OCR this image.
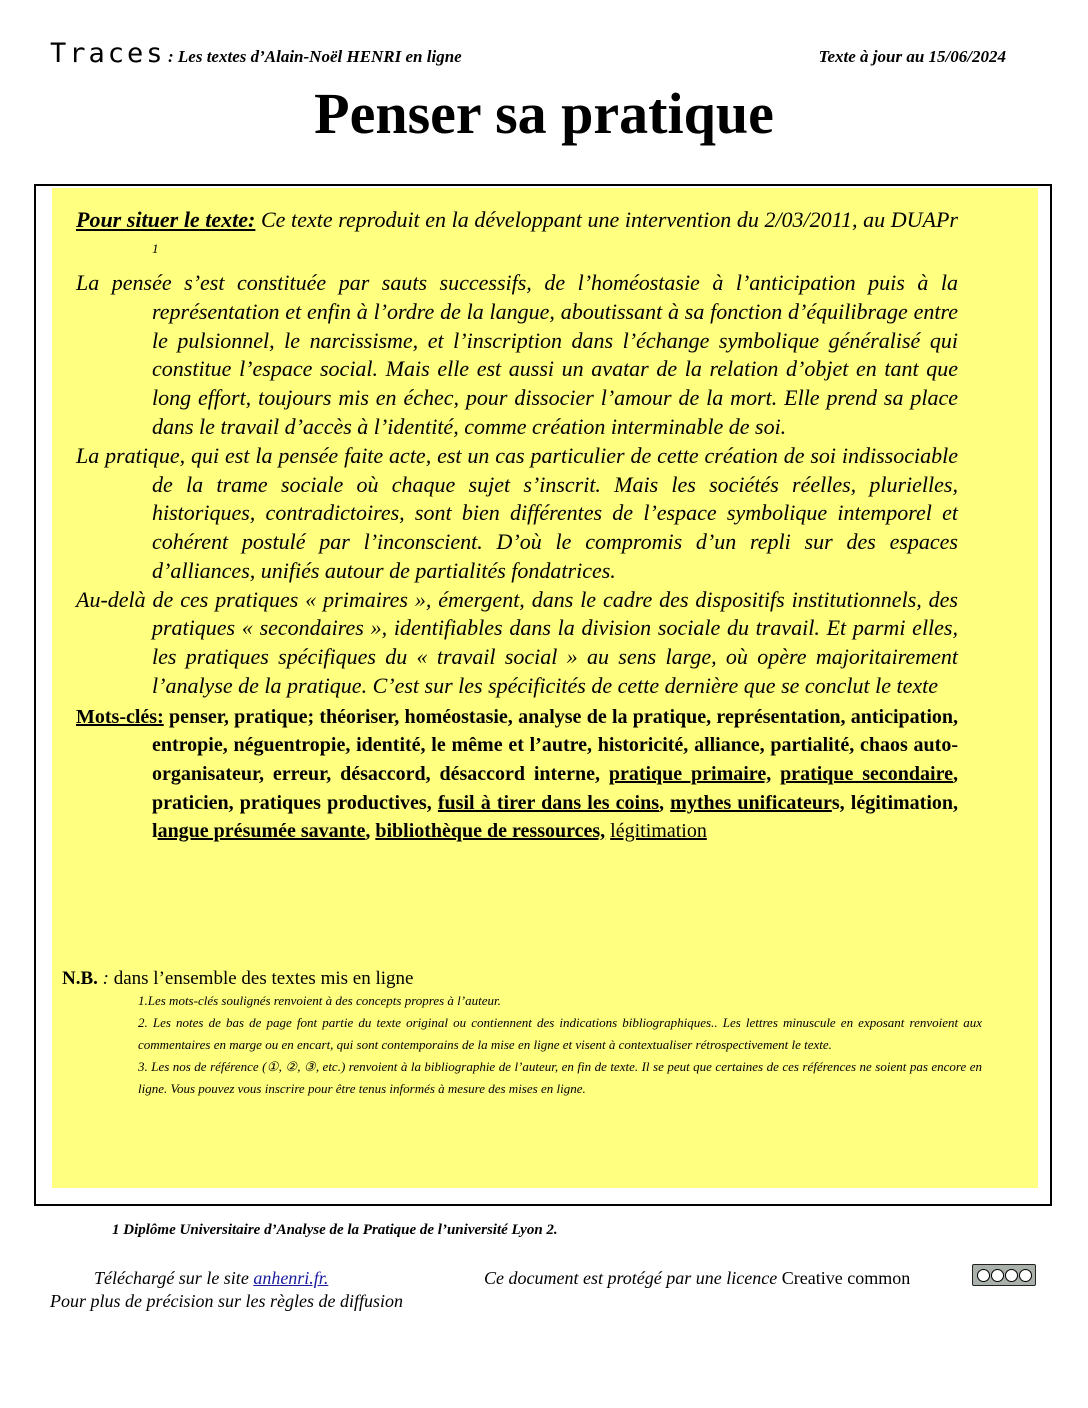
Traces : Les textes d’Alain-Noël HENRI en ligne	Texte à jour au 15/06/2024
Penser sa pratique

Pour situer le texte: Ce texte reproduit en la développant une intervention du 2/03/2011, au DUAPr $^1$

La pensée s’est constituée par sauts successifs, de l’homéostasie à l’anticipation puis à la représentation et enfin à l’ordre de la langue, aboutissant à sa fonction d’équilibrage entre le pulsionnel, le narcissisme, et l’inscription dans l’échange symbolique généralisé qui constitue l’espace social. Mais elle est aussi un avatar de la relation d’objet en tant que long effort, toujours mis en échec, pour dissocier l’amour de la mort. Elle prend sa place dans le travail d’accès à l’identité, comme création interminable de soi.

La pratique, qui est la pensée faite acte, est un cas particulier de cette création de soi indissociable de la trame sociale où chaque sujet s’inscrit. Mais les sociétés réelles, plurielles, historiques, contradictoires, sont bien différentes de l’espace symbolique intemporel et cohérent postulé par l’inconscient. D’où le compromis d’un repli sur des espaces d’alliances, unifiés autour de partialités fondatrices.

Au-delà de ces pratiques « primaires », émergent, dans le cadre des dispositifs institutionnels, des pratiques « secondaires », identifiables dans la division sociale du travail. Et parmi elles, les pratiques spécifiques du « travail social » au sens large, où opère majoritairement l’analyse de la pratique. C’est sur les spécificités de cette dernière que se conclut le texte

Mots-clés: penser, pratique; théoriser, homéostasie, analyse de la pratique, représentation, anticipation, entropie, néguentropie, identité, le même et l’autre, historicité, alliance, partialité, chaos auto-organisateur, erreur, désaccord, désaccord interne, pratique primaire, pratique secondaire, praticien, pratiques productives, fusil à tirer dans les coins, mythes unificateurs, légitimation, langue présumée savante, bibliothèque de ressources, légitimation

N.B. : dans l’ensemble des textes mis en ligne

1.Les mots-clés soulignés renvoient à des concepts propres à l’auteur.

2. Les notes de bas de page font partie du texte original ou contiennent des indications bibliographiques.. Les lettres minuscule en exposant renvoient aux commentaires en marge ou en encart, qui sont contemporains de la mise en ligne et visent à contextualiser rétrospectivement le texte.

3. Les nos de référence (①, ②, ③, etc.) renvoient à la bibliographie de l’auteur, en fin de texte. Il se peut que certaines de ces références ne soient pas encore en ligne. Vous pouvez vous inscrire pour être tenus informés à mesure des mises en ligne.

1 Diplôme Universitaire d’Analyse de la Pratique de l’université Lyon 2.
Téléchargé sur le site anhenri.fr.
Pour plus de précision sur les règles de diffusion
Ce document est protégé par une licence Creative common
